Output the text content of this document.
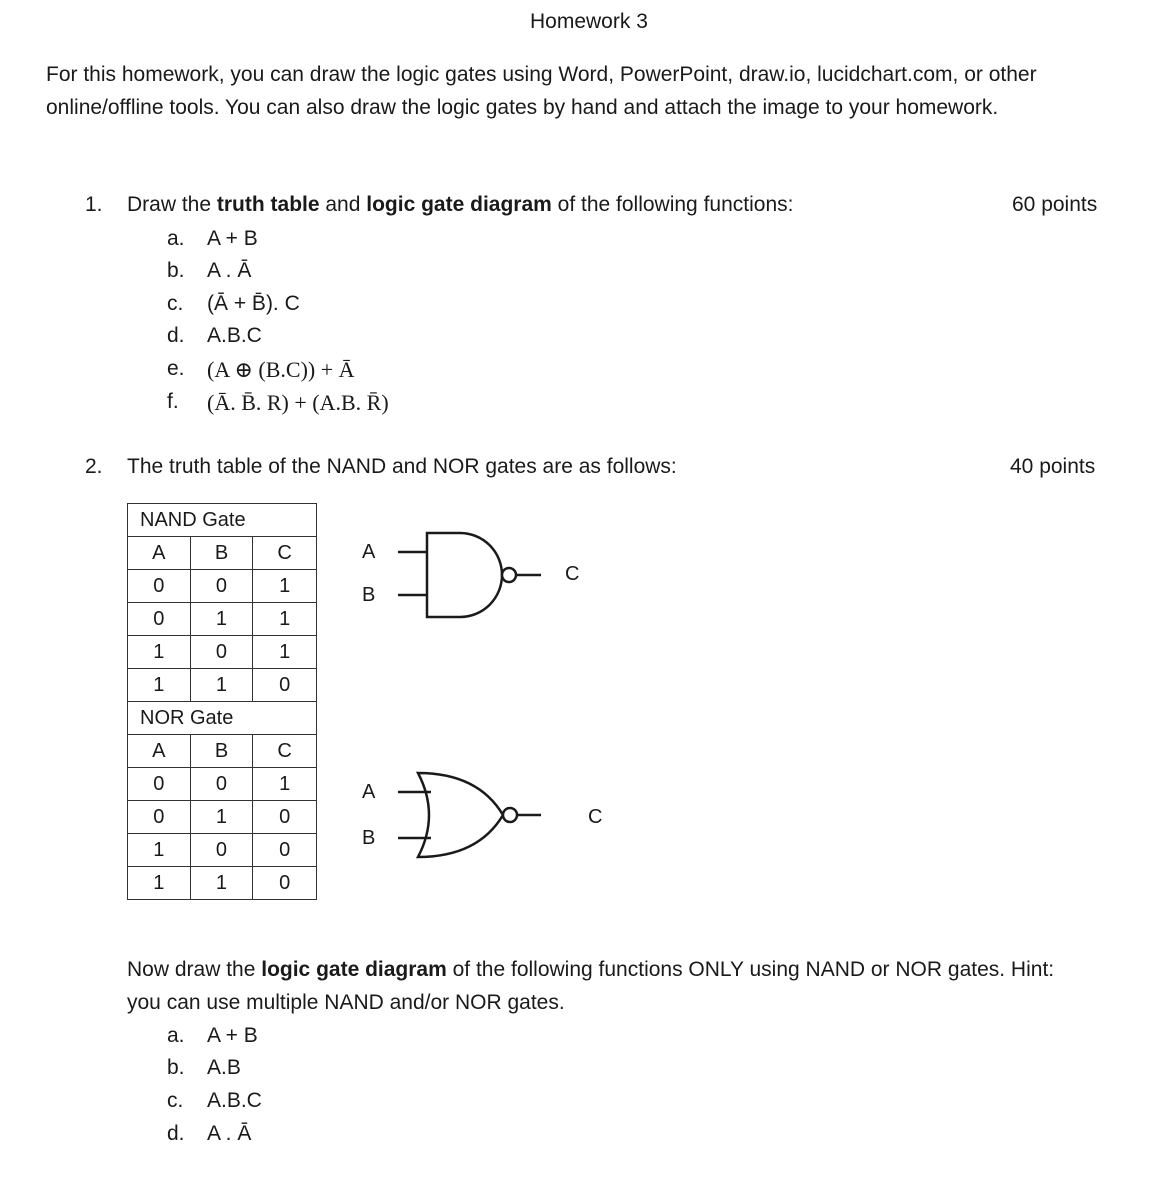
Homework 3
For this homework, you can draw the logic gates using Word, PowerPoint, draw.io, lucidchart.com, or other online/offline tools. You can also draw the logic gates by hand and attach the image to your homework.
1. Draw the truth table and logic gate diagram of the following functions:	60 points
a. A + B
b. A . Ā
c. (Ā + B̄). C
d. A.B.C
e. (A ⊕ (B.C)) + Ā
f. (Ā. B̄. R) + (A.B. R̄)
2. The truth table of the NAND and NOR gates are as follows:	40 points
NAND Gate		
A	B	C
0	0	1
0	1	1
1	0	1
1	1	0
NOR Gate		
A	B	C
0	0	1
0	1	0
1	0	0
1	1	0
A
B
C
A
B
C
Now draw the logic gate diagram of the following functions ONLY using NAND or NOR gates. Hint:
you can use multiple NAND and/or NOR gates.
a. A + B
b. A.B
c. A.B.C
d. A . Ā
